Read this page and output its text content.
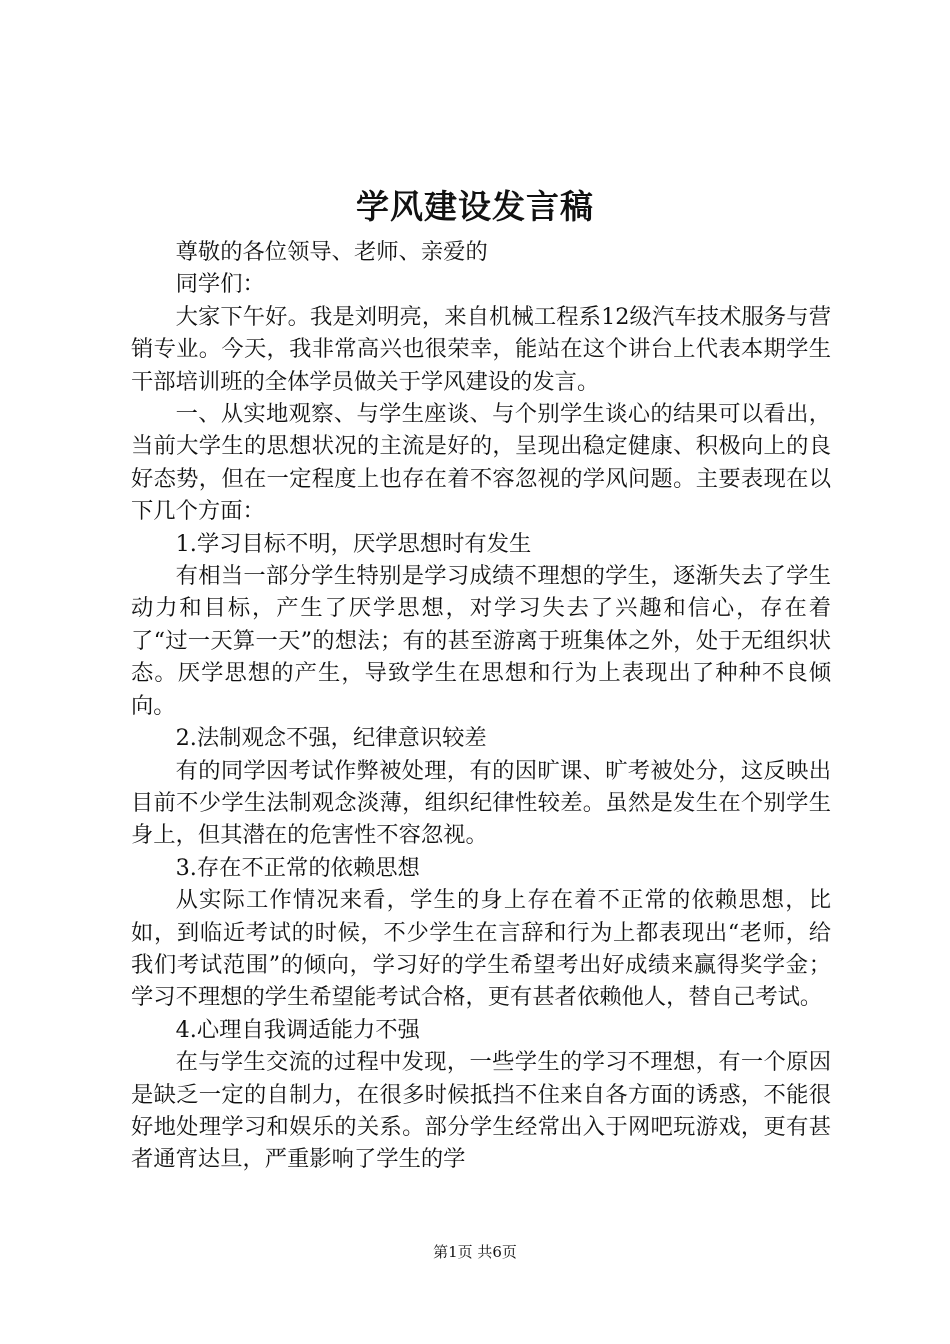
学风建设发言稿

尊敬的各位领导、老师、亲爱的

同学们：

大家下午好。我是刘明亮，来自机械工程系12级汽车技术服务与营销专业。今天，我非常高兴也很荣幸，能站在这个讲台上代表本期学生干部培训班的全体学员做关于学风建设的发言。

一、从实地观察、与学生座谈、与个别学生谈心的结果可以看出，当前大学生的思想状况的主流是好的，呈现出稳定健康、积极向上的良好态势，但在一定程度上也存在着不容忽视的学风问题。主要表现在以下几个方面：

1.学习目标不明，厌学思想时有发生

有相当一部分学生特别是学习成绩不理想的学生，逐渐失去了学生动力和目标，产生了厌学思想，对学习失去了兴趣和信心，存在着了“过一天算一天”的想法；有的甚至游离于班集体之外，处于无组织状态。厌学思想的产生，导致学生在思想和行为上表现出了种种不良倾向。

2.法制观念不强，纪律意识较差

有的同学因考试作弊被处理，有的因旷课、旷考被处分，这反映出目前不少学生法制观念淡薄，组织纪律性较差。虽然是发生在个别学生身上，但其潜在的危害性不容忽视。

3.存在不正常的依赖思想

从实际工作情况来看，学生的身上存在着不正常的依赖思想，比如，到临近考试的时候，不少学生在言辞和行为上都表现出“老师，给我们考试范围”的倾向，学习好的学生希望考出好成绩来赢得奖学金；学习不理想的学生希望能考试合格，更有甚者依赖他人，替自己考试。

4.心理自我调适能力不强

在与学生交流的过程中发现，一些学生的学习不理想，有一个原因是缺乏一定的自制力，在很多时候抵挡不住来自各方面的诱惑，不能很好地处理学习和娱乐的关系。部分学生经常出入于网吧玩游戏，更有甚者通宵达旦，严重影响了学生的学

第1页 共6页
